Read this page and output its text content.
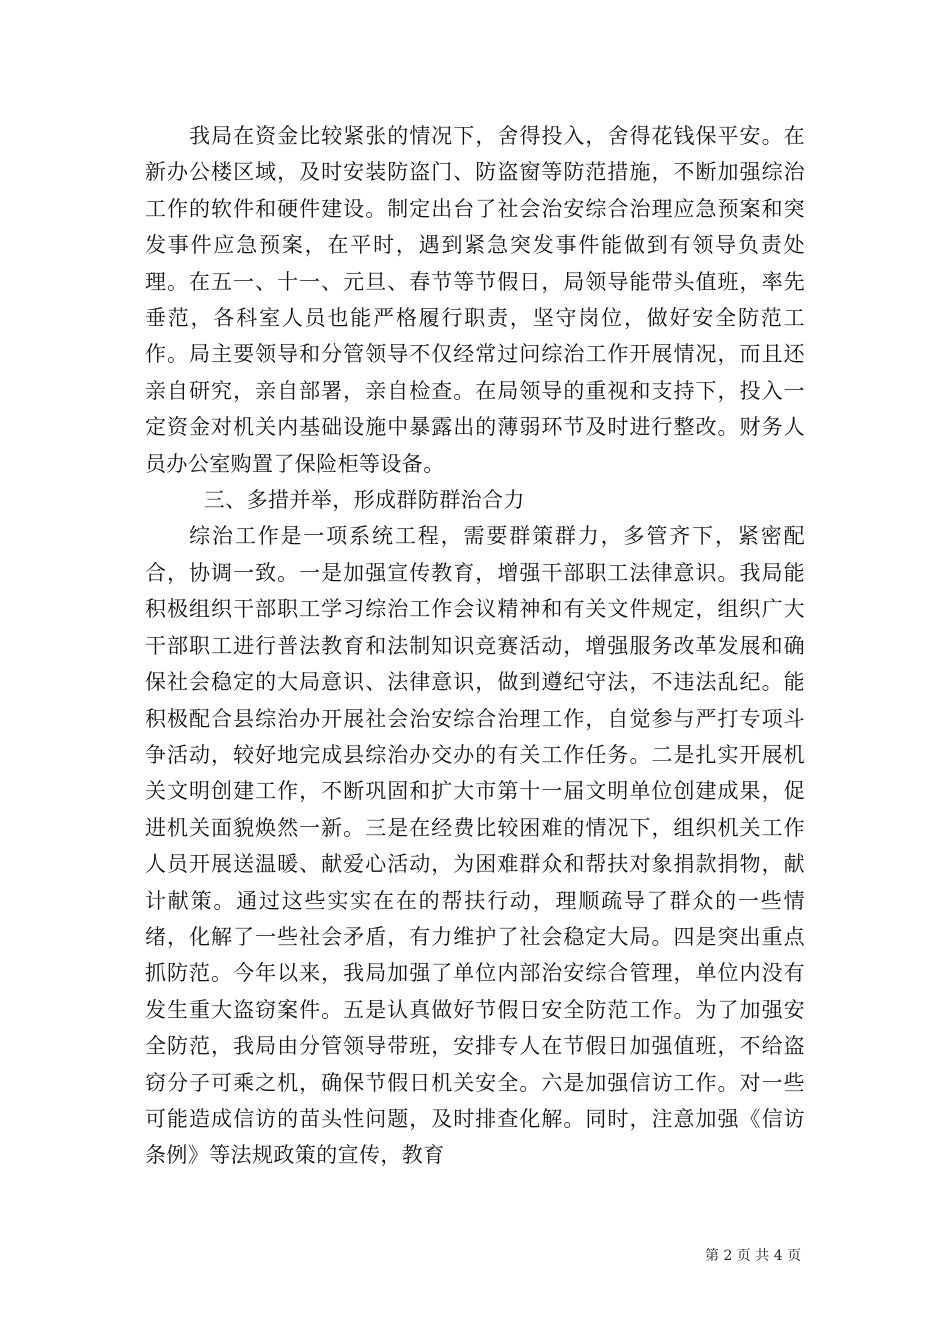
我局在资金比较紧张的情况下，舍得投入，舍得花钱保平安。在新办公楼区域，及时安装防盗门、防盗窗等防范措施，不断加强综治工作的软件和硬件建设。制定出台了社会治安综合治理应急预案和突发事件应急预案，在平时，遇到紧急突发事件能做到有领导负责处理。在五一、十一、元旦、春节等节假日，局领导能带头值班，率先垂范，各科室人员也能严格履行职责，坚守岗位，做好安全防范工作。局主要领导和分管领导不仅经常过问综治工作开展情况，而且还亲自研究，亲自部署，亲自检查。在局领导的重视和支持下，投入一定资金对机关内基础设施中暴露出的薄弱环节及时进行整改。财务人员办公室购置了保险柜等设备。

三、多措并举，形成群防群治合力

综治工作是一项系统工程，需要群策群力，多管齐下，紧密配合，协调一致。一是加强宣传教育，增强干部职工法律意识。我局能积极组织干部职工学习综治工作会议精神和有关文件规定，组织广大干部职工进行普法教育和法制知识竞赛活动，增强服务改革发展和确保社会稳定的大局意识、法律意识，做到遵纪守法，不违法乱纪。能积极配合县综治办开展社会治安综合治理工作，自觉参与严打专项斗争活动，较好地完成县综治办交办的有关工作任务。二是扎实开展机关文明创建工作，不断巩固和扩大市第十一届文明单位创建成果，促进机关面貌焕然一新。三是在经费比较困难的情况下，组织机关工作人员开展送温暖、献爱心活动，为困难群众和帮扶对象捐款捐物，献计献策。通过这些实实在在的帮扶行动，理顺疏导了群众的一些情绪，化解了一些社会矛盾，有力维护了社会稳定大局。四是突出重点抓防范。今年以来，我局加强了单位内部治安综合管理，单位内没有发生重大盗窃案件。五是认真做好节假日安全防范工作。为了加强安全防范，我局由分管领导带班，安排专人在节假日加强值班，不给盗窃分子可乘之机，确保节假日机关安全。六是加强信访工作。对一些可能造成信访的苗头性问题，及时排查化解。同时，注意加强《信访条例》等法规政策的宣传，教育

第 2 页 共 4 页
